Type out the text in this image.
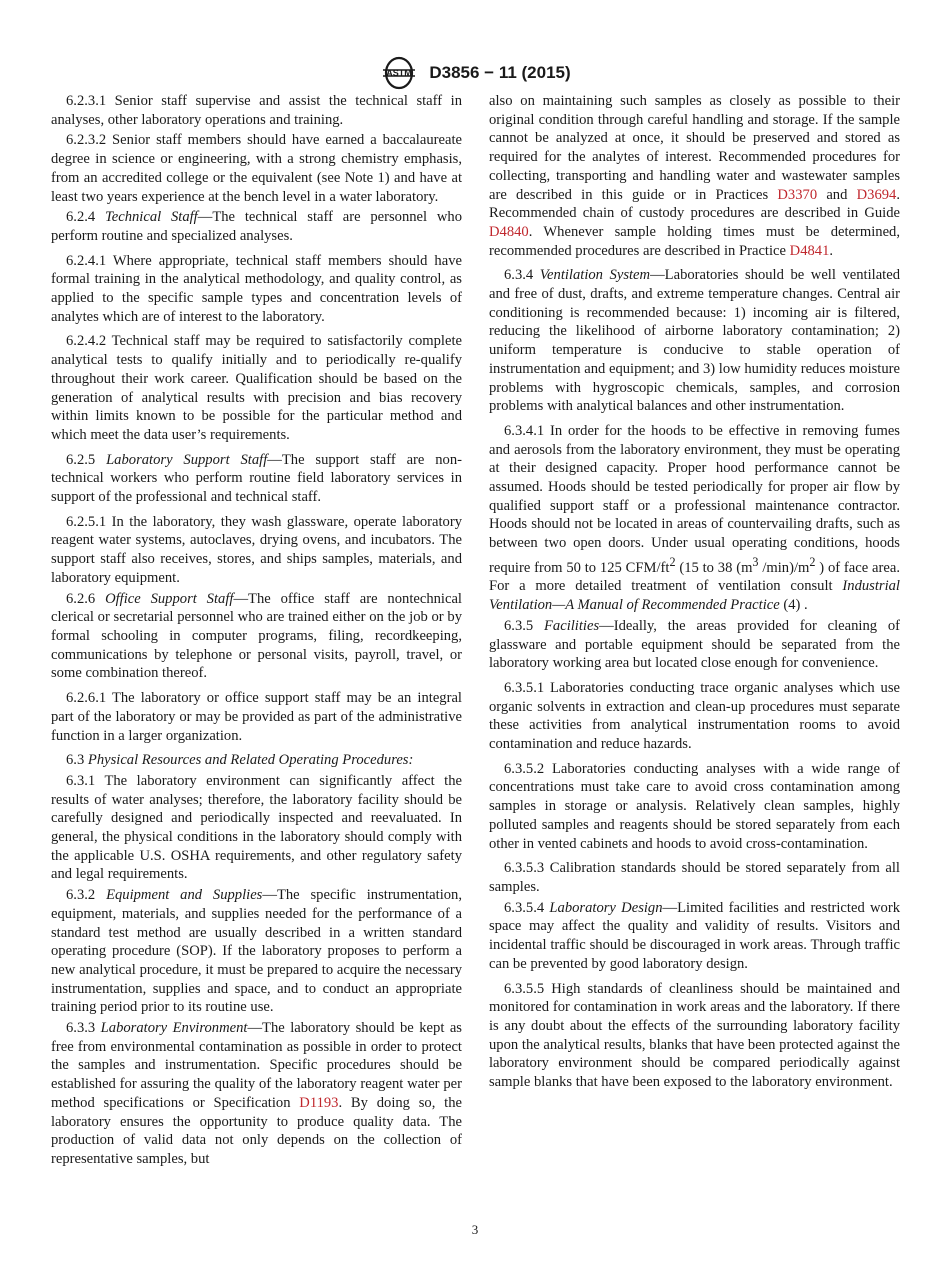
ASTM D3856 − 11 (2015)

6.2.3.1 Senior staff supervise and assist the technical staff in analyses, other laboratory operations and training.

6.2.3.2 Senior staff members should have earned a baccalaureate degree in science or engineering, with a strong chemistry emphasis, from an accredited college or the equivalent (see Note 1) and have at least two years experience at the bench level in a water laboratory.

6.2.4 Technical Staff—The technical staff are personnel who perform routine and specialized analyses.

6.2.4.1 Where appropriate, technical staff members should have formal training in the analytical methodology, and quality control, as applied to the specific sample types and concentration levels of analytes which are of interest to the laboratory.

6.2.4.2 Technical staff may be required to satisfactorily complete analytical tests to qualify initially and to periodically re-qualify throughout their work career. Qualification should be based on the generation of analytical results with precision and bias recovery within limits known to be possible for the particular method and which meet the data user’s requirements.

6.2.5 Laboratory Support Staff—The support staff are non-technical workers who perform routine field laboratory services in support of the professional and technical staff.

6.2.5.1 In the laboratory, they wash glassware, operate laboratory reagent water systems, autoclaves, drying ovens, and incubators. The support staff also receives, stores, and ships samples, materials, and laboratory equipment.

6.2.6 Office Support Staff—The office staff are nontechnical clerical or secretarial personnel who are trained either on the job or by formal schooling in computer programs, filing, recordkeeping, communications by telephone or personal visits, payroll, travel, or some combination thereof.

6.2.6.1 The laboratory or office support staff may be an integral part of the laboratory or may be provided as part of the administrative function in a larger organization.

6.3 Physical Resources and Related Operating Procedures:

6.3.1 The laboratory environment can significantly affect the results of water analyses; therefore, the laboratory facility should be carefully designed and periodically inspected and reevaluated. In general, the physical conditions in the laboratory should comply with the applicable U.S. OSHA requirements, and other regulatory safety and legal requirements.

6.3.2 Equipment and Supplies—The specific instrumentation, equipment, materials, and supplies needed for the performance of a standard test method are usually described in a written standard operating procedure (SOP). If the laboratory proposes to perform a new analytical procedure, it must be prepared to acquire the necessary instrumentation, supplies and space, and to conduct an appropriate training period prior to its routine use.

6.3.3 Laboratory Environment—The laboratory should be kept as free from environmental contamination as possible in order to protect the samples and instrumentation. Specific procedures should be established for assuring the quality of the laboratory reagent water per method specifications or Specification D1193. By doing so, the laboratory ensures the opportunity to produce quality data. The production of valid data not only depends on the collection of representative samples, but

also on maintaining such samples as closely as possible to their original condition through careful handling and storage. If the sample cannot be analyzed at once, it should be preserved and stored as required for the analytes of interest. Recommended procedures for collecting, transporting and handling water and wastewater samples are described in this guide or in Practices D3370 and D3694. Recommended chain of custody procedures are described in Guide D4840. Whenever sample holding times must be determined, recommended procedures are described in Practice D4841.

6.3.4 Ventilation System—Laboratories should be well ventilated and free of dust, drafts, and extreme temperature changes. Central air conditioning is recommended because: 1) incoming air is filtered, reducing the likelihood of airborne laboratory contamination; 2) uniform temperature is conducive to stable operation of instrumentation and equipment; and 3) low humidity reduces moisture problems with hygroscopic chemicals, samples, and corrosion problems with analytical balances and other instrumentation.

6.3.4.1 In order for the hoods to be effective in removing fumes and aerosols from the laboratory environment, they must be operating at their designed capacity. Proper hood performance cannot be assumed. Hoods should be tested periodically for proper air flow by qualified support staff or a professional maintenance contractor. Hoods should not be located in areas of countervailing drafts, such as between two open doors. Under usual operating conditions, hoods require from 50 to 125 CFM/$ft^2$ (15 to 38 ($m^3$ $/\min)/m^2$ ) of face area. For a more detailed treatment of ventilation consult Industrial Ventilation—A Manual of Recommended Practice (4) .

6.3.5 Facilities—Ideally, the areas provided for cleaning of glassware and portable equipment should be separated from the laboratory working area but located close enough for convenience.

6.3.5.1 Laboratories conducting trace organic analyses which use organic solvents in extraction and clean-up procedures must separate these activities from analytical instrumentation rooms to avoid contamination and reduce hazards.

6.3.5.2 Laboratories conducting analyses with a wide range of concentrations must take care to avoid cross contamination among samples in storage or analysis. Relatively clean samples, highly polluted samples and reagents should be stored separately from each other in vented cabinets and hoods to avoid cross-contamination.

6.3.5.3 Calibration standards should be stored separately from all samples.

6.3.5.4 Laboratory Design—Limited facilities and restricted work space may affect the quality and validity of results. Visitors and incidental traffic should be discouraged in work areas. Through traffic can be prevented by good laboratory design.

6.3.5.5 High standards of cleanliness should be maintained and monitored for contamination in work areas and the laboratory. If there is any doubt about the effects of the surrounding laboratory facility upon the analytical results, blanks that have been protected against the laboratory environment should be compared periodically against sample blanks that have been exposed to the laboratory environment.

3
